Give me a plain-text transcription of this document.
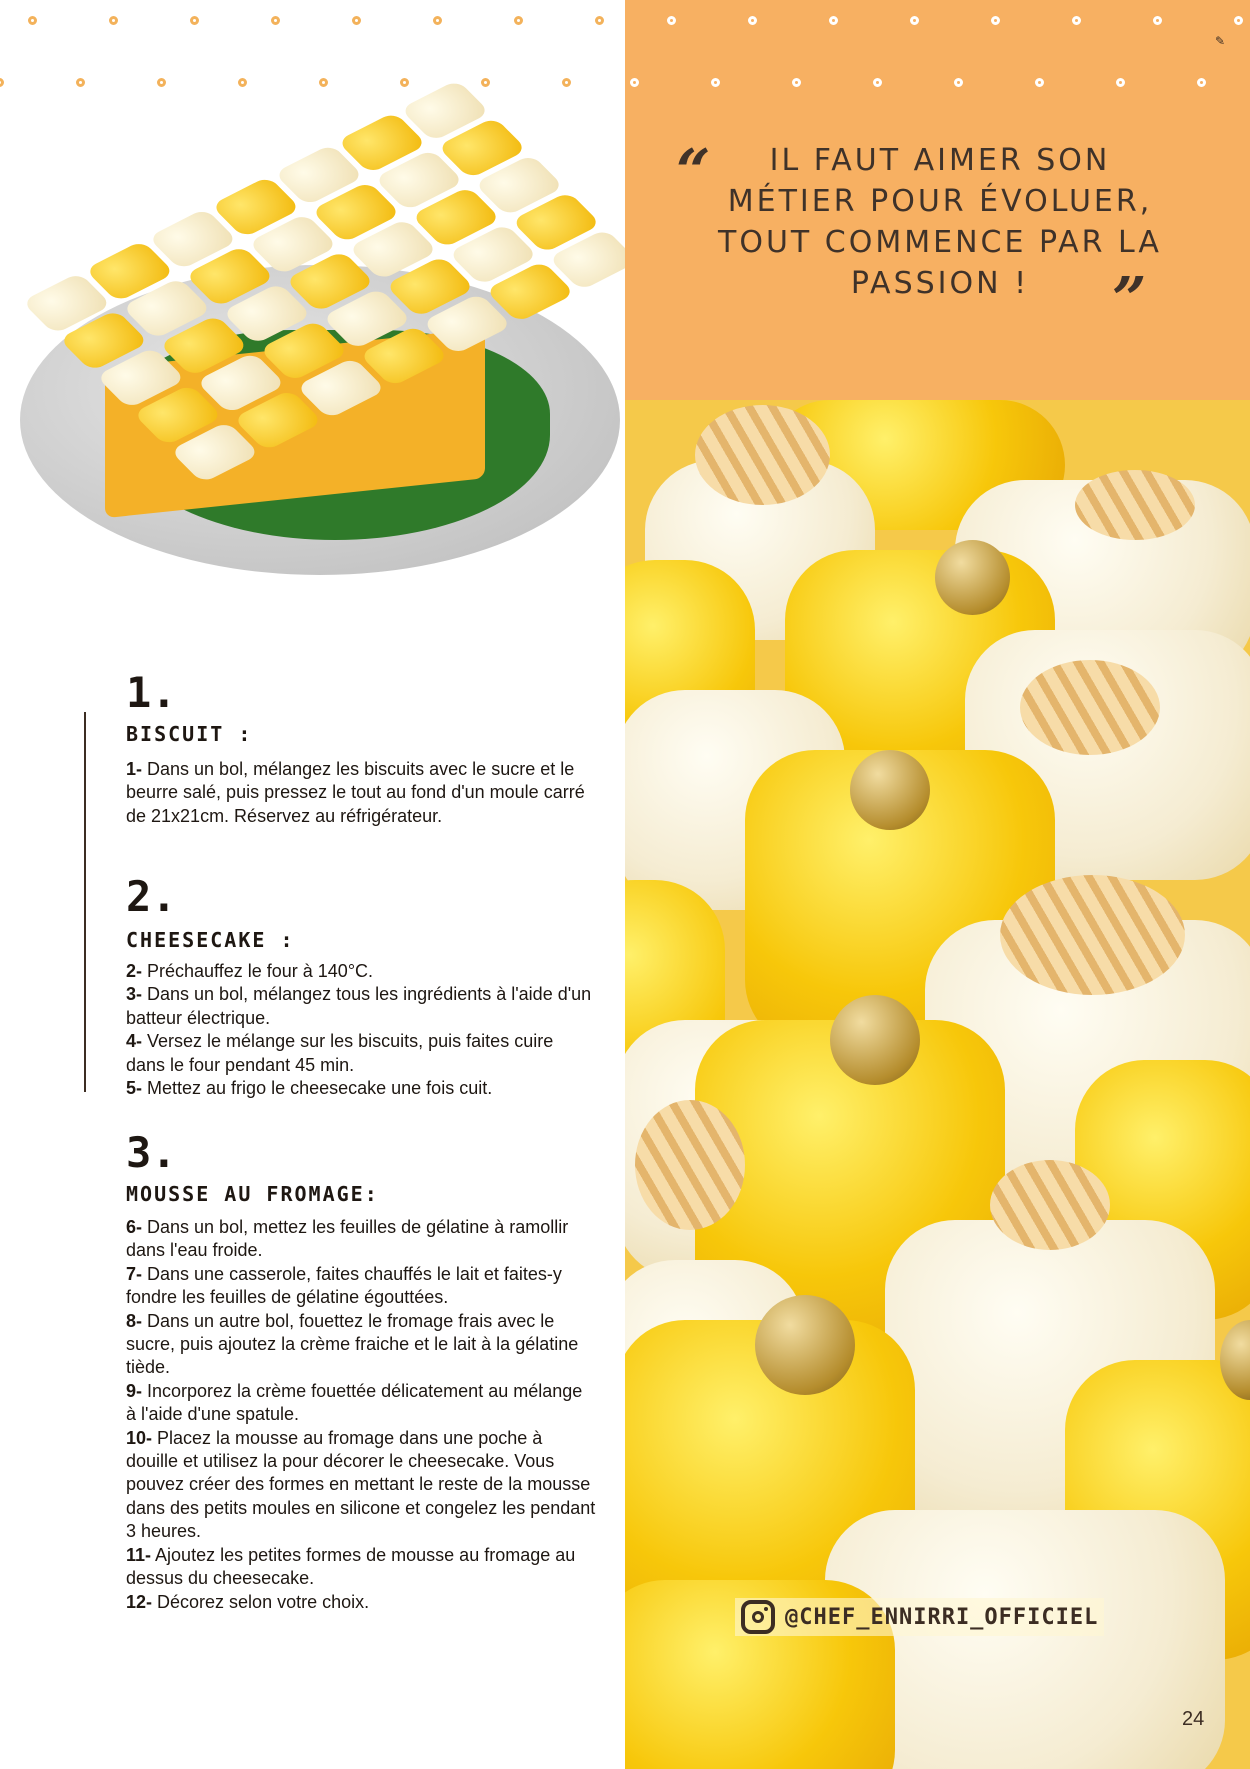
1.
BISCUIT :

1- Dans un bol, mélangez les biscuits avec le sucre et le beurre salé, puis pressez le tout au fond d'un moule carré de 21x21cm. Réservez au réfrigérateur.

2.
CHEESECAKE :

2- Préchauffez le four à 140°C.

3- Dans un bol, mélangez tous les ingrédients à l'aide d'un batteur électrique.

4- Versez le mélange sur les biscuits, puis faites cuire dans le four pendant 45 min.

5- Mettez au frigo le cheesecake une fois cuit.

3.
MOUSSE AU FROMAGE:

6- Dans un bol, mettez les feuilles de gélatine à ramollir dans l'eau froide.

7- Dans une casserole, faites chauffés le lait et faites-y fondre les feuilles de gélatine égouttées.

8- Dans un autre bol, fouettez le fromage frais avec le sucre, puis ajoutez la crème fraiche et le lait à la gélatine tiède.

9- Incorporez la crème fouettée délicatement au mélange à l'aide d'une spatule.

10- Placez la mousse au fromage dans une poche à douille et utilisez la pour décorer le cheesecake. Vous pouvez créer des formes en mettant le reste de la mousse dans des petits moules en silicone et congelez les pendant 3 heures.

11- Ajoutez les petites formes de mousse au fromage au dessus du cheesecake.

12- Décorez selon votre choix.

✎
“	IL FAUT AIMER SON
MÉTIER POUR ÉVOLUER,
TOUT COMMENCE PAR LA
PASSION !	”
@CHEF_ENNIRRI_OFFICIEL
24
